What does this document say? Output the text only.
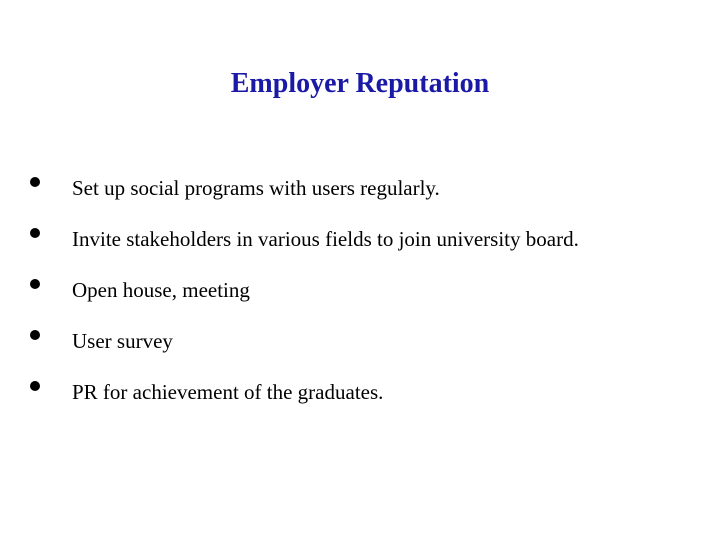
Employer Reputation
Set up social programs with users regularly.
Invite stakeholders in various fields to join university board.
Open house, meeting
User survey
PR for achievement of the graduates.
